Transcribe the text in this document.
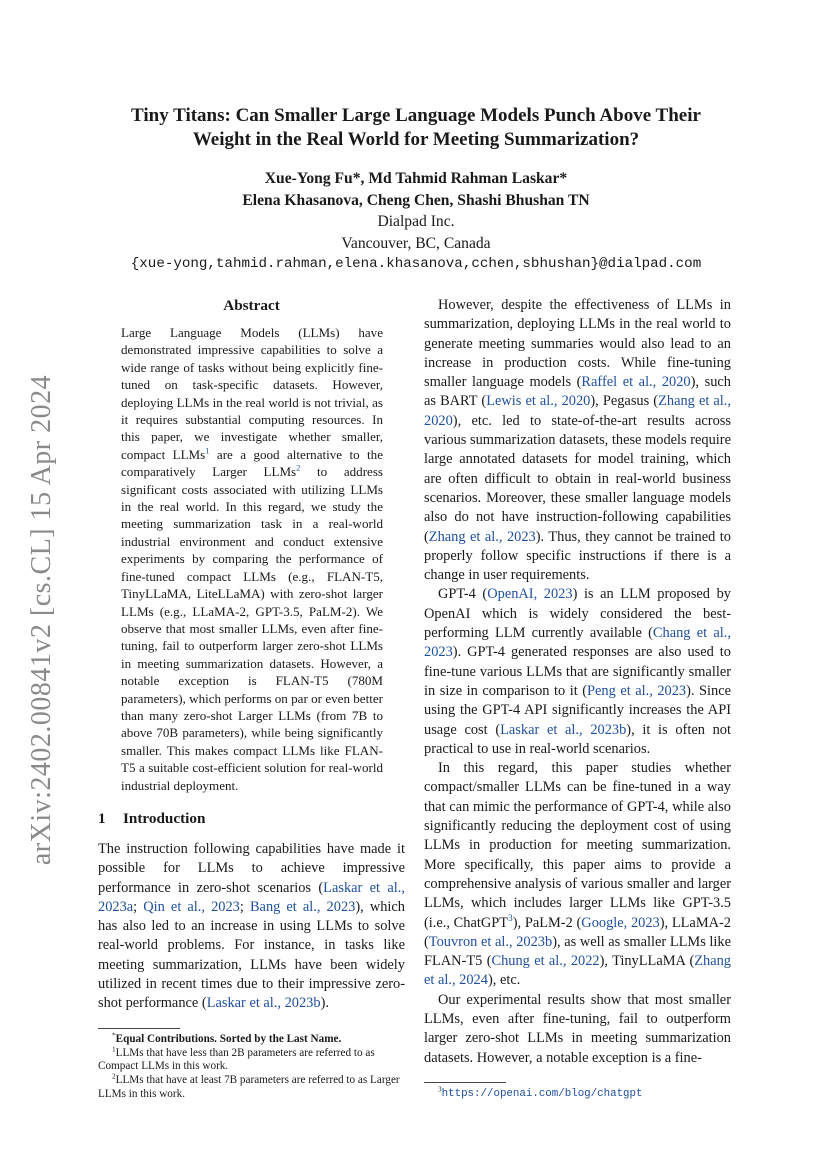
arXiv:2402.00841v2 [cs.CL] 15 Apr 2024
Tiny Titans: Can Smaller Large Language Models Punch Above Their
Weight in the Real World for Meeting Summarization?
Xue-Yong Fu*, Md Tahmid Rahman Laskar*
Elena Khasanova, Cheng Chen, Shashi Bhushan TN
Dialpad Inc.
Vancouver, BC, Canada
{xue-yong,tahmid.rahman,elena.khasanova,cchen,sbhushan}@dialpad.com
Abstract

Large Language Models (LLMs) have demonstrated impressive capabilities to solve a wide range of tasks without being explicitly fine-tuned on task-specific datasets. However, deploying LLMs in the real world is not trivial, as it requires substantial computing resources. In this paper, we investigate whether smaller, compact LLMs$^1$ are a good alternative to the comparatively Larger LLMs$^2$ to address significant costs associated with utilizing LLMs in the real world. In this regard, we study the meeting summarization task in a real-world industrial environment and conduct extensive experiments by comparing the performance of fine-tuned compact LLMs (e.g., FLAN-T5, TinyLLaMA, LiteLLaMA) with zero-shot larger LLMs (e.g., LLaMA-2, GPT-3.5, PaLM-2). We observe that most smaller LLMs, even after fine-tuning, fail to outperform larger zero-shot LLMs in meeting summarization datasets. However, a notable exception is FLAN-T5 (780M parameters), which performs on par or even better than many zero-shot Larger LLMs (from 7B to above 70B parameters), while being significantly smaller. This makes compact LLMs like FLAN-T5 a suitable cost-efficient solution for real-world industrial deployment.

1 Introduction

The instruction following capabilities have made it possible for LLMs to achieve impressive performance in zero-shot scenarios (Laskar et al., 2023a; Qin et al., 2023; Bang et al., 2023), which has also led to an increase in using LLMs to solve real-world problems. For instance, in tasks like meeting summarization, LLMs have been widely utilized in recent times due to their impressive zero-shot performance (Laskar et al., 2023b).

*Equal Contributions. Sorted by the Last Name.

$^1$LLMs that have less than 2B parameters are referred to as Compact LLMs in this work.

$^2$LLMs that have at least 7B parameters are referred to as Larger LLMs in this work.

However, despite the effectiveness of LLMs in summarization, deploying LLMs in the real world to generate meeting summaries would also lead to an increase in production costs. While fine-tuning smaller language models (Raffel et al., 2020), such as BART (Lewis et al., 2020), Pegasus (Zhang et al., 2020), etc. led to state-of-the-art results across various summarization datasets, these models require large annotated datasets for model training, which are often difficult to obtain in real-world business scenarios. Moreover, these smaller language models also do not have instruction-following capabilities (Zhang et al., 2023). Thus, they cannot be trained to properly follow specific instructions if there is a change in user requirements.

GPT-4 (OpenAI, 2023) is an LLM proposed by OpenAI which is widely considered the best-performing LLM currently available (Chang et al., 2023). GPT-4 generated responses are also used to fine-tune various LLMs that are significantly smaller in size in comparison to it (Peng et al., 2023). Since using the GPT-4 API significantly increases the API usage cost (Laskar et al., 2023b), it is often not practical to use in real-world scenarios.

In this regard, this paper studies whether compact/smaller LLMs can be fine-tuned in a way that can mimic the performance of GPT-4, while also significantly reducing the deployment cost of using LLMs in production for meeting summarization. More specifically, this paper aims to provide a comprehensive analysis of various smaller and larger LLMs, which includes larger LLMs like GPT-3.5 (i.e., ChatGPT$^3$), PaLM-2 (Google, 2023), LLaMA-2 (Touvron et al., 2023b), as well as smaller LLMs like FLAN-T5 (Chung et al., 2022), TinyLLaMA (Zhang et al., 2024), etc.

Our experimental results show that most smaller LLMs, even after fine-tuning, fail to outperform larger zero-shot LLMs in meeting summarization datasets. However, a notable exception is a fine-

$^3$https://openai.com/blog/chatgpt
